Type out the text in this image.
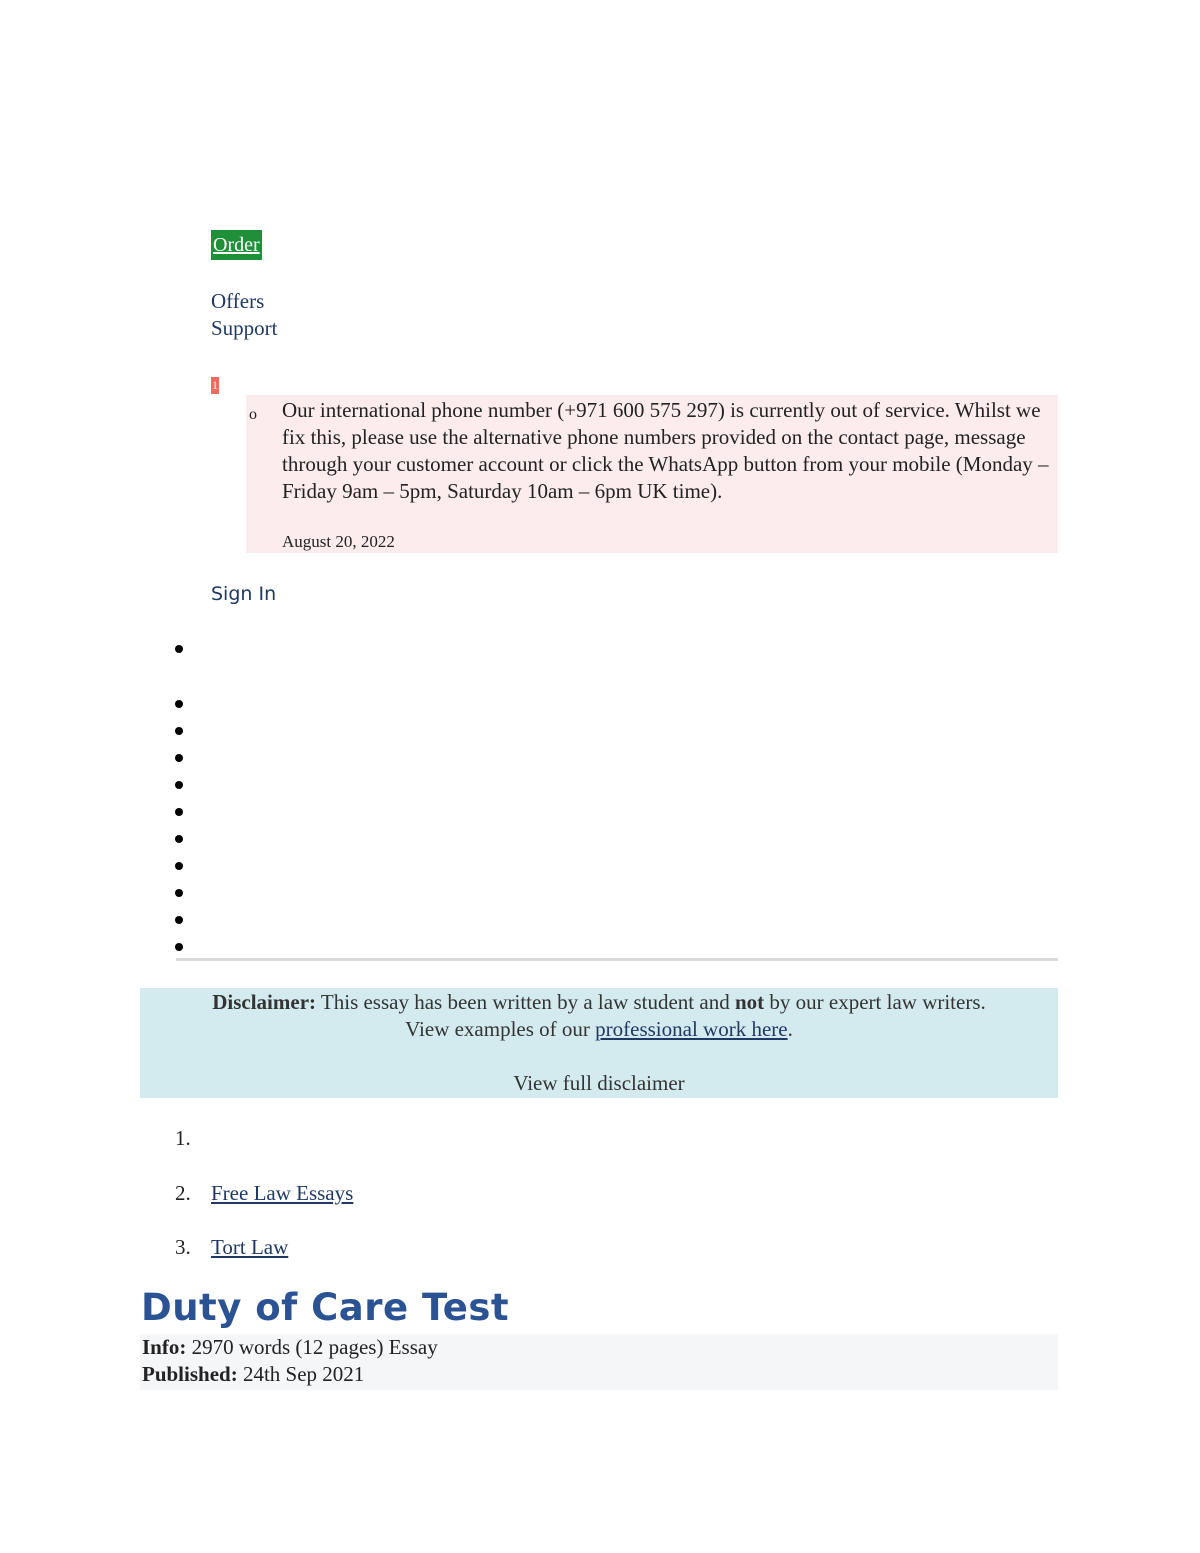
Order
Offers
Support
1
o Our international phone number (+971 600 575 297) is currently out of service. Whilst we fix this, please use the alternative phone numbers provided on the contact page, message through your customer account or click the WhatsApp button from your mobile (Monday – Friday 9am – 5pm, Saturday 10am – 6pm UK time).
August 20, 2022
Sign In

Disclaimer: This essay has been written by a law student and not by our expert law writers.

View examples of our professional work here.

View full disclaimer

1.
2. Free Law Essays
3. Tort Law
Duty of Care Test
Info: 2970 words (12 pages) Essay
Published: 24th Sep 2021
